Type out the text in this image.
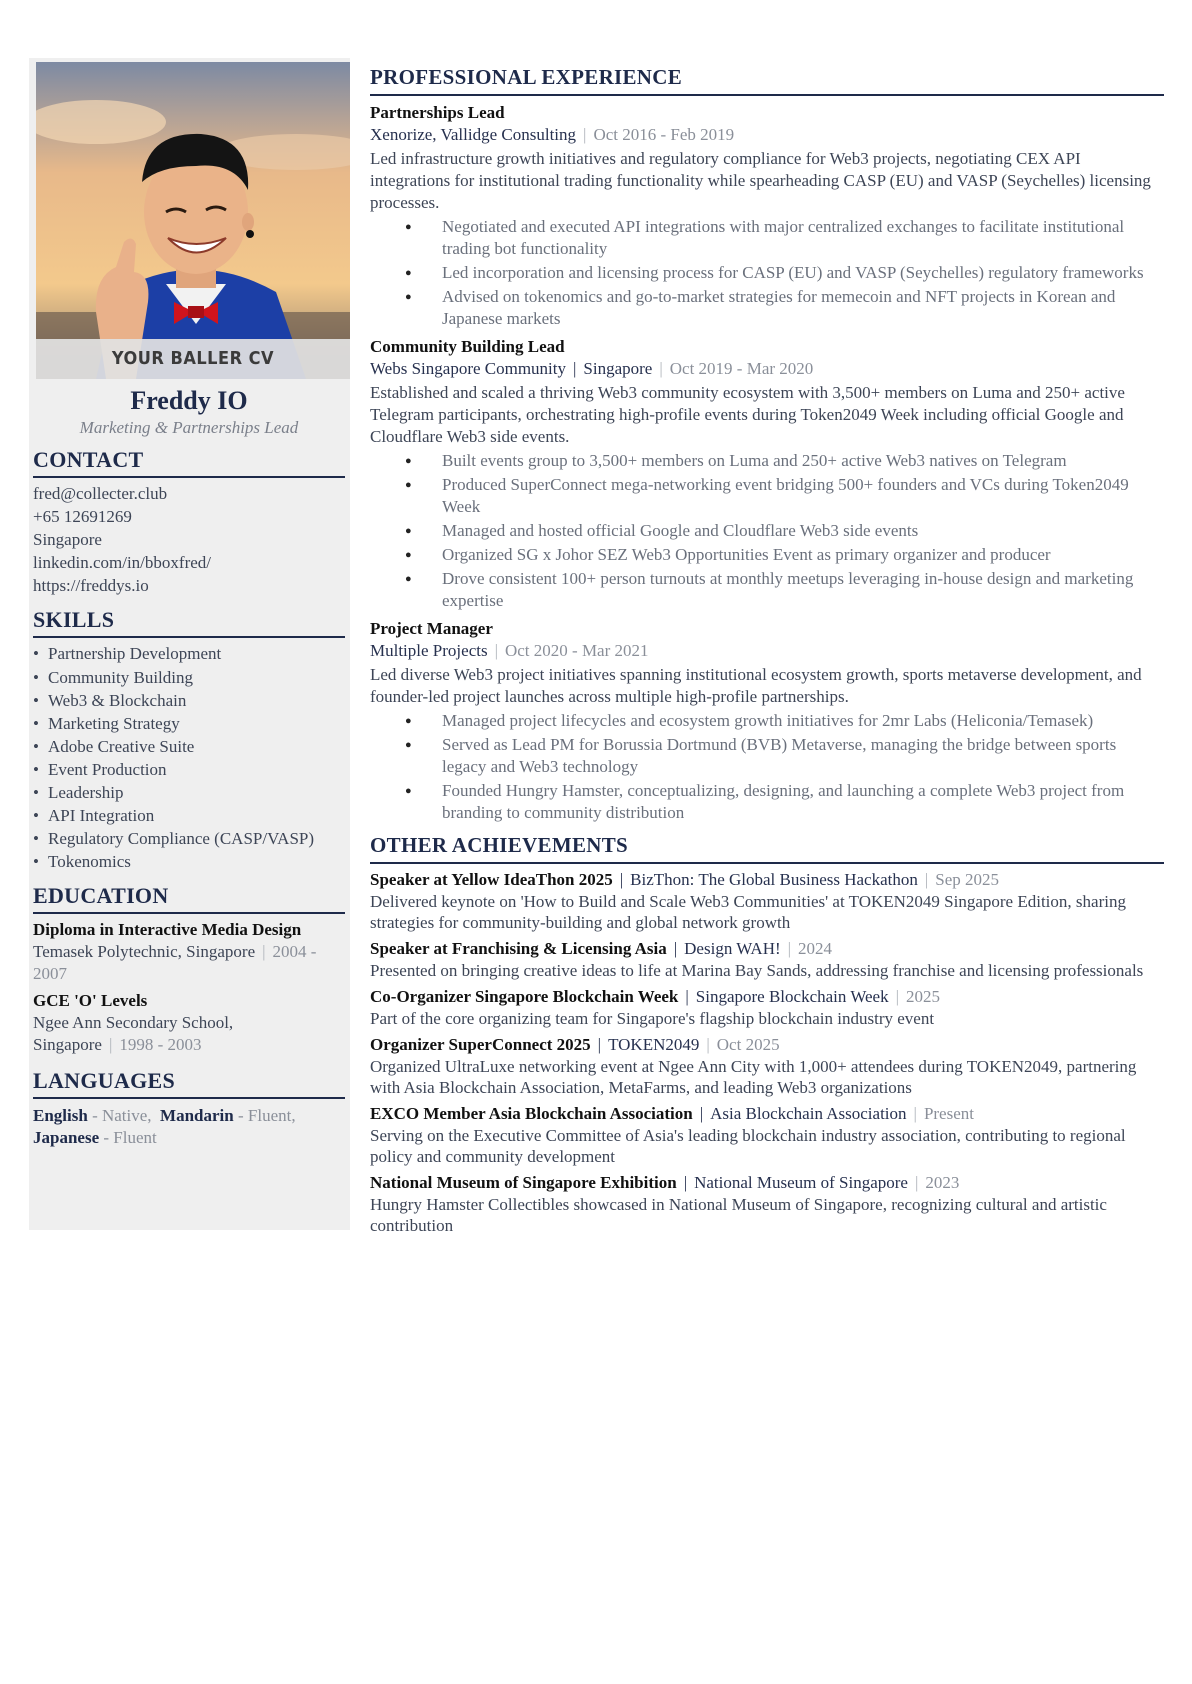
YOUR BALLER CV

Freddy IO

Marketing & Partnerships Lead

CONTACT
fred@collecter.club
+65 12691269
Singapore
linkedin.com/in/bboxfred/
https://freddys.io
SKILLS
• Partnership Development
• Community Building
• Web3 & Blockchain
• Marketing Strategy
• Adobe Creative Suite
• Event Production
• Leadership
• API Integration
• Regulatory Compliance (CASP/VASP)
• Tokenomics
EDUCATION
Diploma in Interactive Media Design
Temasek Polytechnic, Singapore | 2004 - 2007
GCE 'O' Levels
Ngee Ann Secondary School, Singapore | 1998 - 2003
LANGUAGES
English - Native, Mandarin - Fluent, Japanese - Fluent
PROFESSIONAL EXPERIENCE
Partnerships Lead
Xenorize, Vallidge Consulting | Oct 2016 - Feb 2019

Led infrastructure growth initiatives and regulatory compliance for Web3 projects, negotiating CEX API integrations for institutional trading functionality while spearheading CASP (EU) and VASP (Seychelles) licensing processes.

● Negotiated and executed API integrations with major centralized exchanges to facilitate institutional trading bot functionality
● Led incorporation and licensing process for CASP (EU) and VASP (Seychelles) regulatory frameworks
● Advised on tokenomics and go-to-market strategies for memecoin and NFT projects in Korean and Japanese markets
Community Building Lead
Webs Singapore Community | Singapore | Oct 2019 - Mar 2020

Established and scaled a thriving Web3 community ecosystem with 3,500+ members on Luma and 250+ active Telegram participants, orchestrating high-profile events during Token2049 Week including official Google and Cloudflare Web3 side events.

● Built events group to 3,500+ members on Luma and 250+ active Web3 natives on Telegram
● Produced SuperConnect mega-networking event bridging 500+ founders and VCs during Token2049 Week
● Managed and hosted official Google and Cloudflare Web3 side events
● Organized SG x Johor SEZ Web3 Opportunities Event as primary organizer and producer
● Drove consistent 100+ person turnouts at monthly meetups leveraging in-house design and marketing expertise
Project Manager
Multiple Projects | Oct 2020 - Mar 2021

Led diverse Web3 project initiatives spanning institutional ecosystem growth, sports metaverse development, and founder-led project launches across multiple high-profile partnerships.

● Managed project lifecycles and ecosystem growth initiatives for 2mr Labs (Heliconia/Temasek)
● Served as Lead PM for Borussia Dortmund (BVB) Metaverse, managing the bridge between sports legacy and Web3 technology
● Founded Hungry Hamster, conceptualizing, designing, and launching a complete Web3 project from branding to community distribution
OTHER ACHIEVEMENTS
Speaker at Yellow IdeaThon 2025 | BizThon: The Global Business Hackathon | Sep 2025
Delivered keynote on 'How to Build and Scale Web3 Communities' at TOKEN2049 Singapore Edition, sharing strategies for community-building and global network growth
Speaker at Franchising & Licensing Asia | Design WAH! | 2024
Presented on bringing creative ideas to life at Marina Bay Sands, addressing franchise and licensing professionals
Co-Organizer Singapore Blockchain Week | Singapore Blockchain Week | 2025
Part of the core organizing team for Singapore's flagship blockchain industry event
Organizer SuperConnect 2025 | TOKEN2049 | Oct 2025
Organized UltraLuxe networking event at Ngee Ann City with 1,000+ attendees during TOKEN2049, partnering with Asia Blockchain Association, MetaFarms, and leading Web3 organizations
EXCO Member Asia Blockchain Association | Asia Blockchain Association | Present
Serving on the Executive Committee of Asia's leading blockchain industry association, contributing to regional policy and community development
National Museum of Singapore Exhibition | National Museum of Singapore | 2023
Hungry Hamster Collectibles showcased in National Museum of Singapore, recognizing cultural and artistic contribution
